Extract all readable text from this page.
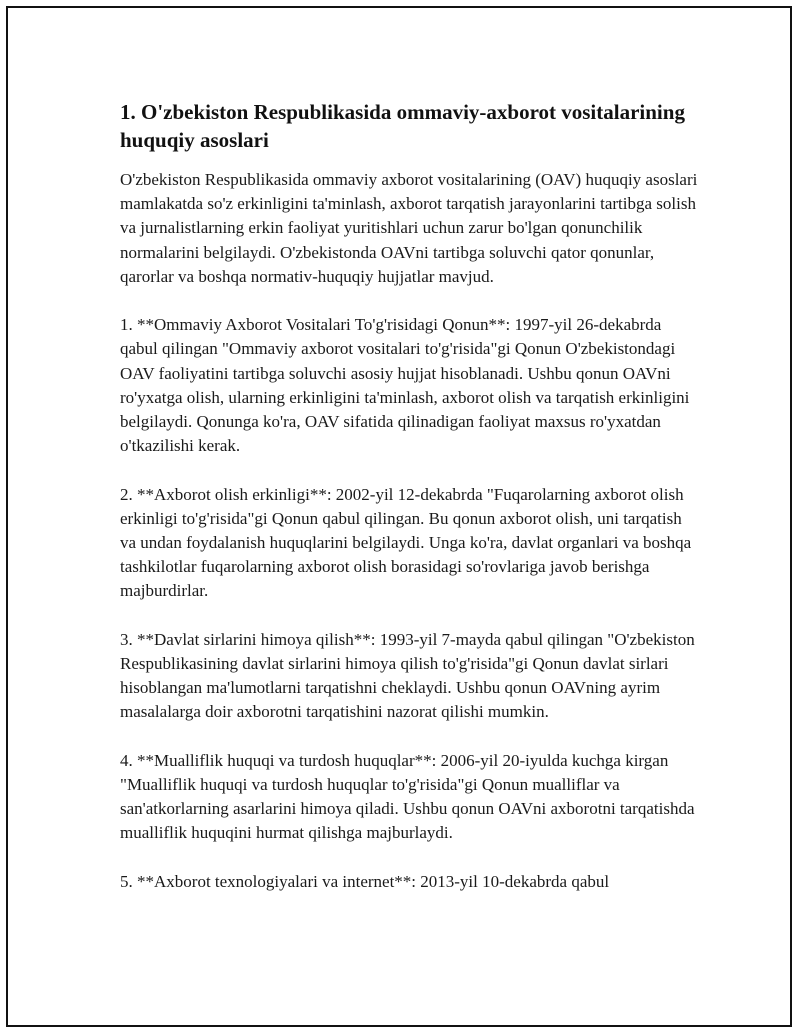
1. O'zbekiston Respublikasida ommaviy-axborot vositalarining huquqiy asoslari

O'zbekiston Respublikasida ommaviy axborot vositalarining (OAV) huquqiy asoslari mamlakatda so'z erkinligini ta'minlash, axborot tarqatish jarayonlarini tartibga solish va jurnalistlarning erkin faoliyat yuritishlari uchun zarur bo'lgan qonunchilik normalarini belgilaydi. O'zbekistonda OAVni tartibga soluvchi qator qonunlar, qarorlar va boshqa normativ-huquqiy hujjatlar mavjud.

1. **Ommaviy Axborot Vositalari To'g'risidagi Qonun**: 1997-yil 26-dekabrda qabul qilingan "Ommaviy axborot vositalari to'g'risida"gi Qonun O'zbekistondagi OAV faoliyatini tartibga soluvchi asosiy hujjat hisoblanadi. Ushbu qonun OAVni ro'yxatga olish, ularning erkinligini ta'minlash, axborot olish va tarqatish erkinligini belgilaydi. Qonunga ko'ra, OAV sifatida qilinadigan faoliyat maxsus ro'yxatdan o'tkazilishi kerak.

2. **Axborot olish erkinligi**: 2002-yil 12-dekabrda "Fuqarolarning axborot olish erkinligi to'g'risida"gi Qonun qabul qilingan. Bu qonun axborot olish, uni tarqatish va undan foydalanish huquqlarini belgilaydi. Unga ko'ra, davlat organlari va boshqa tashkilotlar fuqarolarning axborot olish borasidagi so'rovlariga javob berishga majburdirlar.

3. **Davlat sirlarini himoya qilish**: 1993-yil 7-mayda qabul qilingan "O'zbekiston Respublikasining davlat sirlarini himoya qilish to'g'risida"gi Qonun davlat sirlari hisoblangan ma'lumotlarni tarqatishni cheklaydi. Ushbu qonun OAVning ayrim masalalarga doir axborotni tarqatishini nazorat qilishi mumkin.

4. **Mualliflik huquqi va turdosh huquqlar**: 2006-yil 20-iyulda kuchga kirgan "Mualliflik huquqi va turdosh huquqlar to'g'risida"gi Qonun mualliflar va san'atkorlarning asarlarini himoya qiladi. Ushbu qonun OAVni axborotni tarqatishda mualliflik huquqini hurmat qilishga majburlaydi.

5. **Axborot texnologiyalari va internet**: 2013-yil 10-dekabrda qabul
